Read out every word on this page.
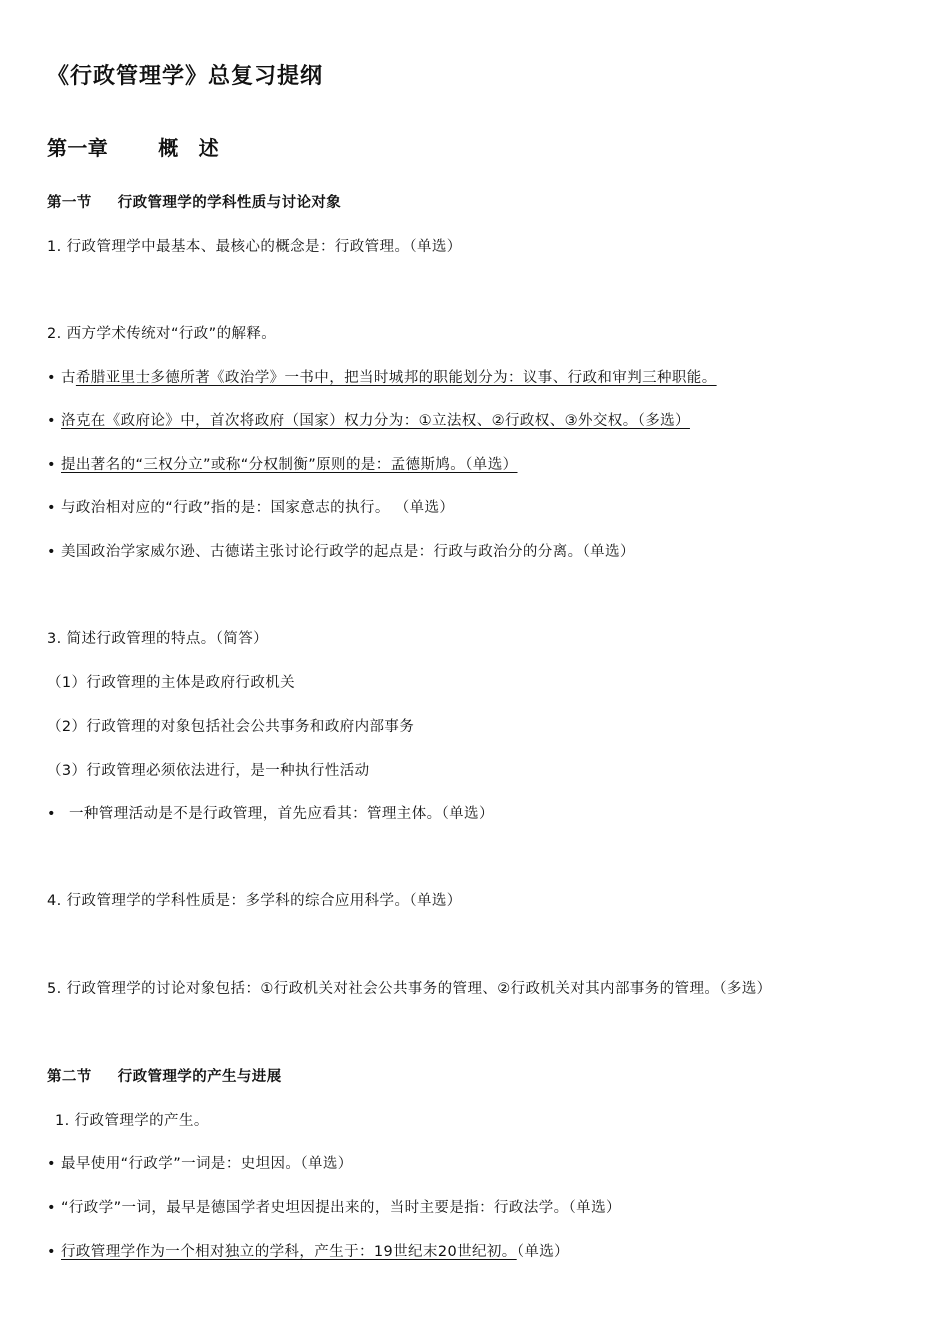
《行政管理学》总复习提纲
第一章	概 述
第一节 行政管理学的学科性质与讨论对象
1. 行政管理学中最基本、最核心的概念是：行政管理。（单选）
2. 西方学术传统对“行政”的解释。
• 古希腊亚里士多德所著《政治学》一书中，把当时城邦的职能划分为：议事、行政和审判三种职能。
• 洛克在《政府论》中，首次将政府（国家）权力分为：①立法权、②行政权、③外交权。（多选）
• 提出著名的“三权分立”或称“分权制衡”原则的是：孟德斯鸠。（单选）
• 与政治相对应的“行政”指的是：国家意志的执行。 （单选）
• 美国政治学家威尔逊、古德诺主张讨论行政学的起点是：行政与政治分的分离。（单选）
3. 简述行政管理的特点。（简答）
（1）行政管理的主体是政府行政机关
（2）行政管理的对象包括社会公共事务和政府内部事务
（3）行政管理必须依法进行，是一种执行性活动
• 一种管理活动是不是行政管理，首先应看其：管理主体。（单选）
4. 行政管理学的学科性质是：多学科的综合应用科学。（单选）
5. 行政管理学的讨论对象包括：①行政机关对社会公共事务的管理、②行政机关对其内部事务的管理。（多选）
第二节 行政管理学的产生与进展
1. 行政管理学的产生。
• 最早使用“行政学”一词是：史坦因。（单选）
• “行政学”一词，最早是德国学者史坦因提出来的，当时主要是指：行政法学。（单选）
• 行政管理学作为一个相对独立的学科，产生于：19世纪末20世纪初。（单选）
